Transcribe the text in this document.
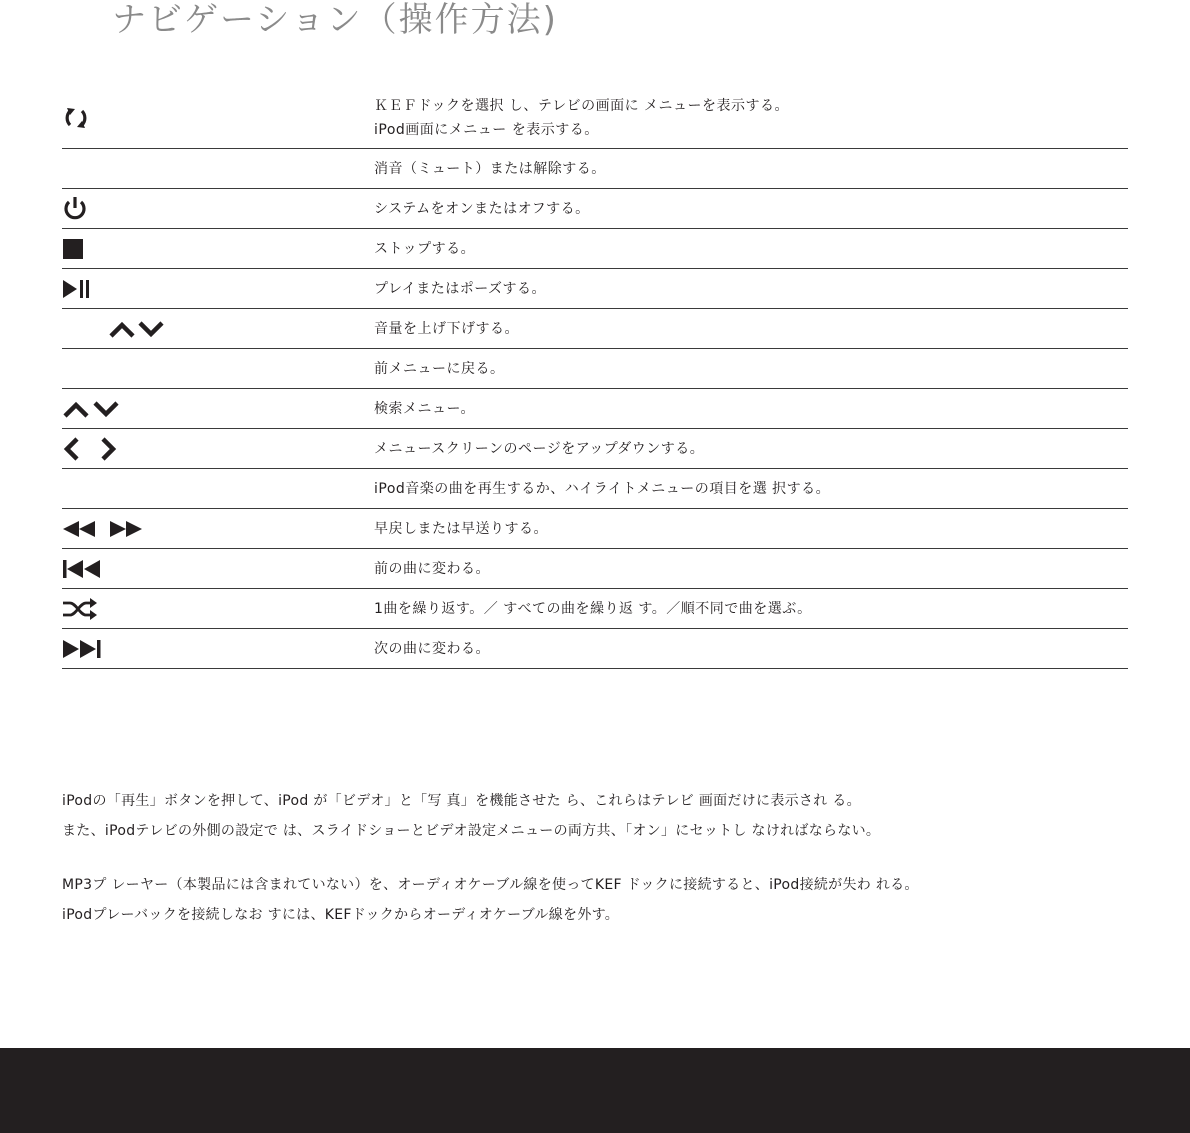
ナビゲーション（操作方法)
ＫＥＦドックを選択 し、テレビの画面に メニューを表示する。
iPod画面にメニュー を表示する。
消音（ミュート）または解除する。
システムをオンまたはオフする。
ストップする。
プレイまたはポーズする。
音量を上げ下げする。
前メニューに戻る。
検索メニュー。
メニュースクリーンのページをアップダウンする。
iPod音楽の曲を再生するか、ハイライトメニューの項目を選 択する。
早戻しまたは早送りする。
前の曲に変わる。
1曲を繰り返す。／ すべての曲を繰り返 す。／順不同で曲を選ぶ。
次の曲に変わる。

iPodの「再生」ボタンを押して、iPod が「ビデオ」と「写 真」を機能させた ら、これらはテレビ 画面だけに表示され る。

また、iPodテレビの外側の設定で は、スライドショーとビデオ設定メニューの両方共、｢オン」にセットし なければならない。

MP3プ レーヤー（本製品には含まれていない）を、オーディオケーブル線を使ってKEF ドックに接続すると、iPod接続が失わ れる。

iPodプレーバックを接続しなお すには、KEFドックからオーディオケーブル線を外す。
